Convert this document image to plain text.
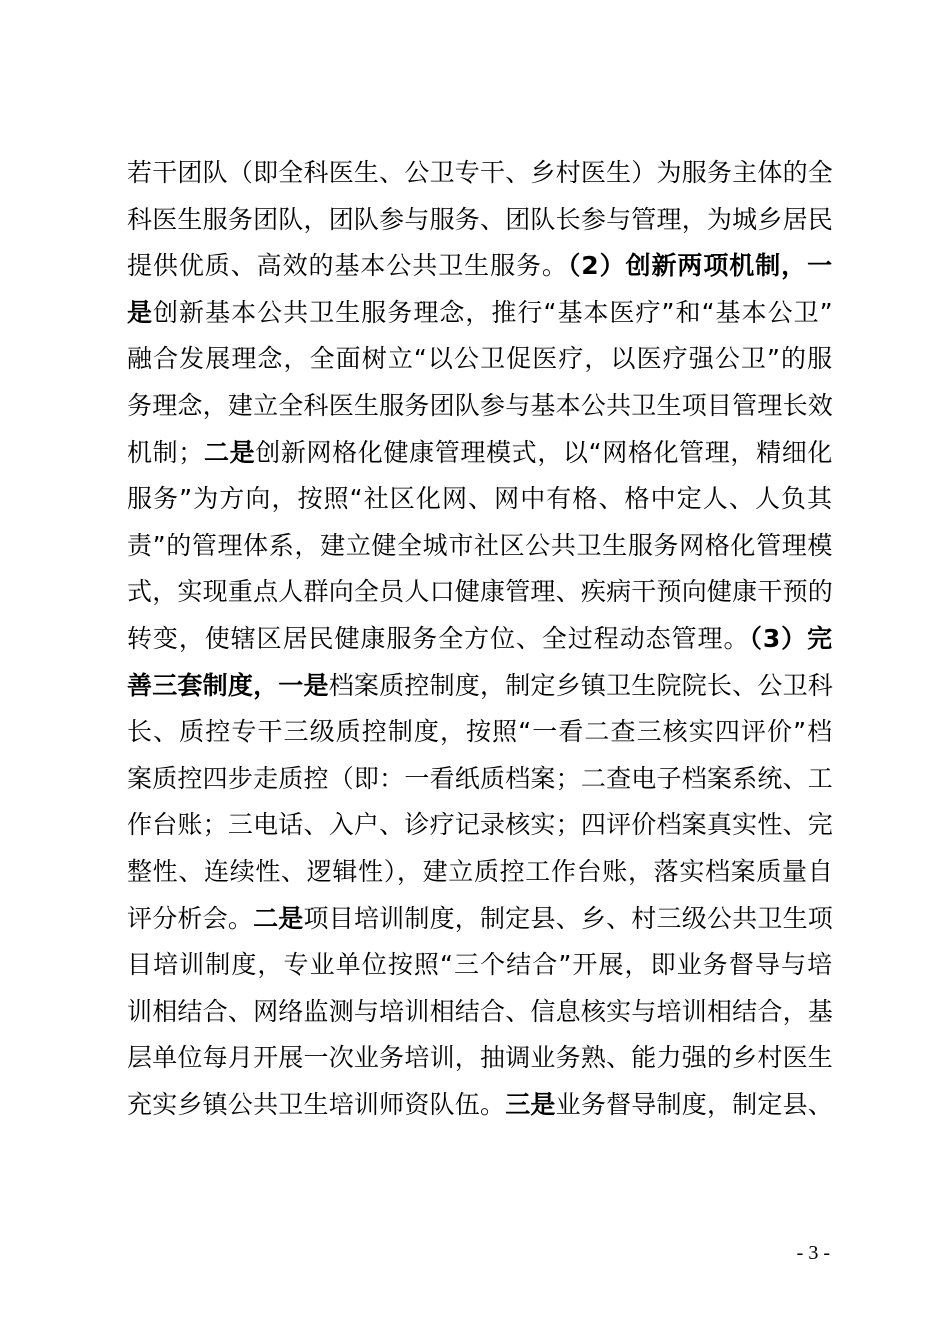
若干团队（即全科医生、公卫专干、乡村医生）为服务主体的全
科医生服务团队，团队参与服务、团队长参与管理，为城乡居民
提供优质、高效的基本公共卫生服务。（2）创新两项机制，一
是创新基本公共卫生服务理念，推行“基本医疗”和“基本公卫”
融合发展理念，全面树立“以公卫促医疗，以医疗强公卫”的服
务理念，建立全科医生服务团队参与基本公共卫生项目管理长效
机制；二是创新网格化健康管理模式，以“网格化管理，精细化
服务”为方向，按照“社区化网、网中有格、格中定人、人负其
责”的管理体系，建立健全城市社区公共卫生服务网格化管理模
式，实现重点人群向全员人口健康管理、疾病干预向健康干预的
转变，使辖区居民健康服务全方位、全过程动态管理。（3）完
善三套制度，一是档案质控制度，制定乡镇卫生院院长、公卫科
长、质控专干三级质控制度，按照“一看二查三核实四评价”档
案质控四步走质控（即：一看纸质档案；二查电子档案系统、工
作台账；三电话、入户、诊疗记录核实；四评价档案真实性、完
整性、连续性、逻辑性），建立质控工作台账，落实档案质量自
评分析会。二是项目培训制度，制定县、乡、村三级公共卫生项
目培训制度，专业单位按照“三个结合”开展，即业务督导与培
训相结合、网络监测与培训相结合、信息核实与培训相结合，基
层单位每月开展一次业务培训，抽调业务熟、能力强的乡村医生
充实乡镇公共卫生培训师资队伍。三是业务督导制度，制定县、
- 3 -
